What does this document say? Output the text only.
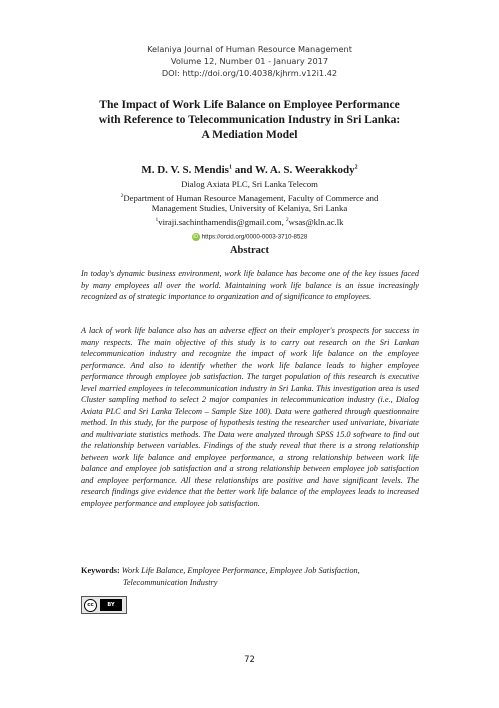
Kelaniya Journal of Human Resource Management
Volume 12, Number 01 - January 2017
DOI: http://doi.org/10.4038/kjhrm.v12i1.42
The Impact of Work Life Balance on Employee Performance
with Reference to Telecommunication Industry in Sri Lanka:
A Mediation Model
M. D. V. S. Mendis$^1$ and W. A. S. Weerakkody$^2$
Dialog Axiata PLC, Sri Lanka Telecom
$^2$Department of Human Resource Management, Faculty of Commerce and
Management Studies, University of Kelaniya, Sri Lanka
$^1$viraji.sachinthamendis@gmail.com, $^2$wsas@kln.ac.lk
iD https://orcid.org/0000-0003-3710-8528
Abstract
In today's dynamic business environment, work life balance has become one of the key issues faced by many employees all over the world. Maintaining work life balance is an issue increasingly recognized as of strategic importance to organization and of significance to employees.
A lack of work life balance also has an adverse effect on their employer's prospects for success in many respects. The main objective of this study is to carry out research on the Sri Lankan telecommunication industry and recognize the impact of work life balance on the employee performance. And also to identify whether the work life balance leads to higher employee performance through employee job satisfaction. The target population of this research is executive level married employees in telecommunication industry in Sri Lanka. This investigation area is used Cluster sampling method to select 2 major companies in telecommunication industry (i.e., Dialog Axiata PLC and Sri Lanka Telecom – Sample Size 100). Data were gathered through questionnaire method. In this study, for the purpose of hypothesis testing the researcher used univariate, bivariate and multivariate statistics methods. The Data were analyzed through SPSS 15.0 software to find out the relationship between variables. Findings of the study reveal that there is a strong relationship between work life balance and employee performance, a strong relationship between work life balance and employee job satisfaction and a strong relationship between employee job satisfaction and employee performance. All these relationships are positive and have significant levels. The research findings give evidence that the better work life balance of the employees leads to increased employee performance and employee job satisfaction.
Keywords: Work Life Balance, Employee Performance, Employee Job Satisfaction,
Telecommunication Industry
cc	BY
72
